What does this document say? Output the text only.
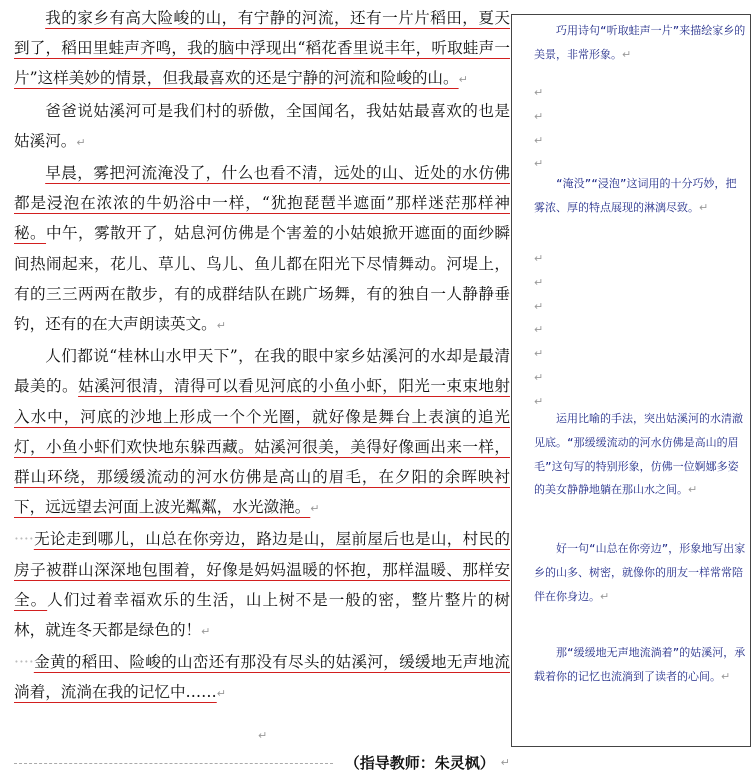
我的家乡有高大险峻的山，有宁静的河流，还有一片片稻田，夏天到了，稻田里蛙声齐鸣，我的脑中浮现出“稻花香里说丰年，听取蛙声一片”这样美妙的情景，但我最喜欢的还是宁静的河流和险峻的山。↵

爸爸说姑溪河可是我们村的骄傲，全国闻名，我姑姑最喜欢的也是姑溪河。↵

早晨，雾把河流淹没了，什么也看不清，远处的山、近处的水仿佛都是浸泡在浓浓的牛奶浴中一样，“犹抱琵琶半遮面”那样迷茫那样神秘。中午，雾散开了，姑息河仿佛是个害羞的小姑娘掀开遮面的面纱瞬间热闹起来，花儿、草儿、鸟儿、鱼儿都在阳光下尽情舞动。河堤上，有的三三两两在散步，有的成群结队在跳广场舞，有的独自一人静静垂钓，还有的在大声朗读英文。↵

人们都说“桂林山水甲天下”，在我的眼中家乡姑溪河的水却是最清最美的。姑溪河很清，清得可以看见河底的小鱼小虾，阳光一束束地射入水中，河底的沙地上形成一个个光圈，就好像是舞台上表演的追光灯，小鱼小虾们欢快地东躲西藏。姑溪河很美，美得好像画出来一样，群山环绕，那缓缓流动的河水仿佛是高山的眉毛，在夕阳的余晖映衬下，远远望去河面上波光粼粼，水光潋滟。↵

····无论走到哪儿，山总在你旁边，路边是山，屋前屋后也是山，村民的房子被群山深深地包围着，好像是妈妈温暖的怀抱，那样温暖、那样安全。人们过着幸福欢乐的生活，山上树不是一般的密，整片整片的树林，就连冬天都是绿色的！↵

····金黄的稻田、险峻的山峦还有那没有尽头的姑溪河，缓缓地无声地流淌着，流淌在我的记忆中……↵

↵
（ 指导教师：朱灵枫 ） ↵
巧用诗句“听取蛙声一片”来描绘家乡的美景，非常形象。↵
↵
↵
↵
↵
“淹没”“浸泡”这词用的十分巧妙，把雾浓、厚的特点展现的淋漓尽致。↵
↵
↵
↵
↵
↵
↵
↵
运用比喻的手法，突出姑溪河的水清澈见底。“那缓缓流动的河水仿佛是高山的眉毛”这句写的特别形象，仿佛一位婀娜多姿的美女静静地躺在那山水之间。↵
好一句“山总在你旁边”，形象地写出家乡的山多、树密，就像你的朋友一样常常陪伴在你身边。↵
那“缓缓地无声地流淌着”的姑溪河，承载着你的记忆也流淌到了读者的心间。↵
